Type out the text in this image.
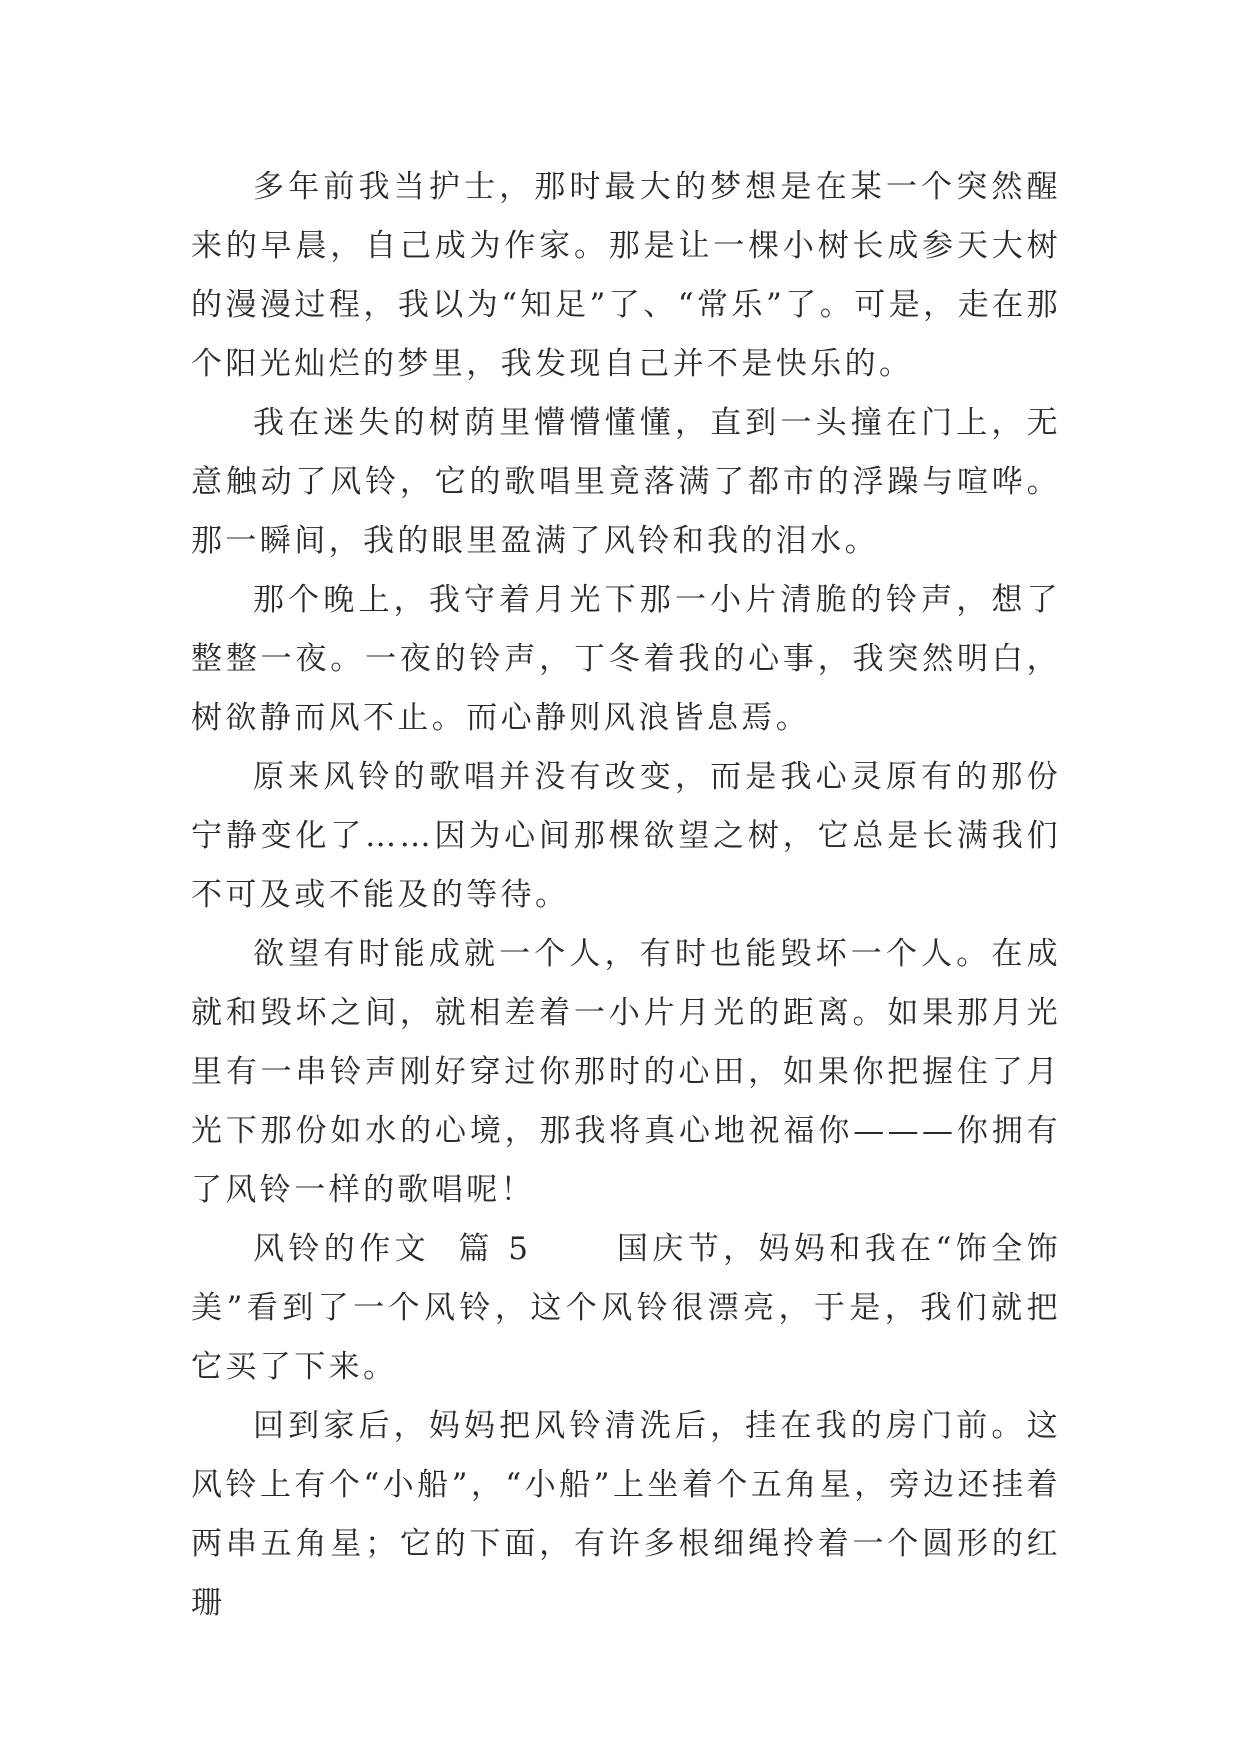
多年前我当护士，那时最大的梦想是在某一个突然醒来的早晨，自己成为作家。那是让一棵小树长成参天大树的漫漫过程，我以为“知足”了、“常乐”了。可是，走在那个阳光灿烂的梦里，我发现自己并不是快乐的。

我在迷失的树荫里懵懵懂懂，直到一头撞在门上，无意触动了风铃，它的歌唱里竟落满了都市的浮躁与喧哗。那一瞬间，我的眼里盈满了风铃和我的泪水。

那个晚上，我守着月光下那一小片清脆的铃声，想了整整一夜。一夜的铃声，丁冬着我的心事，我突然明白，树欲静而风不止。而心静则风浪皆息焉。

原来风铃的歌唱并没有改变，而是我心灵原有的那份宁静变化了……因为心间那棵欲望之树，它总是长满我们不可及或不能及的等待。

欲望有时能成就一个人，有时也能毁坏一个人。在成就和毁坏之间，就相差着一小片月光的距离。如果那月光里有一串铃声刚好穿过你那时的心田，如果你把握住了月光下那份如水的心境，那我将真心地祝福你———你拥有了风铃一样的歌唱呢！

风铃的作文  篇 5      国庆节，妈妈和我在“饰全饰美”看到了一个风铃，这个风铃很漂亮，于是，我们就把它买了下来。

回到家后，妈妈把风铃清洗后，挂在我的房门前。这风铃上有个“小船”，“小船”上坐着个五角星，旁边还挂着两串五角星；它的下面，有许多根细绳拎着一个圆形的红珊
